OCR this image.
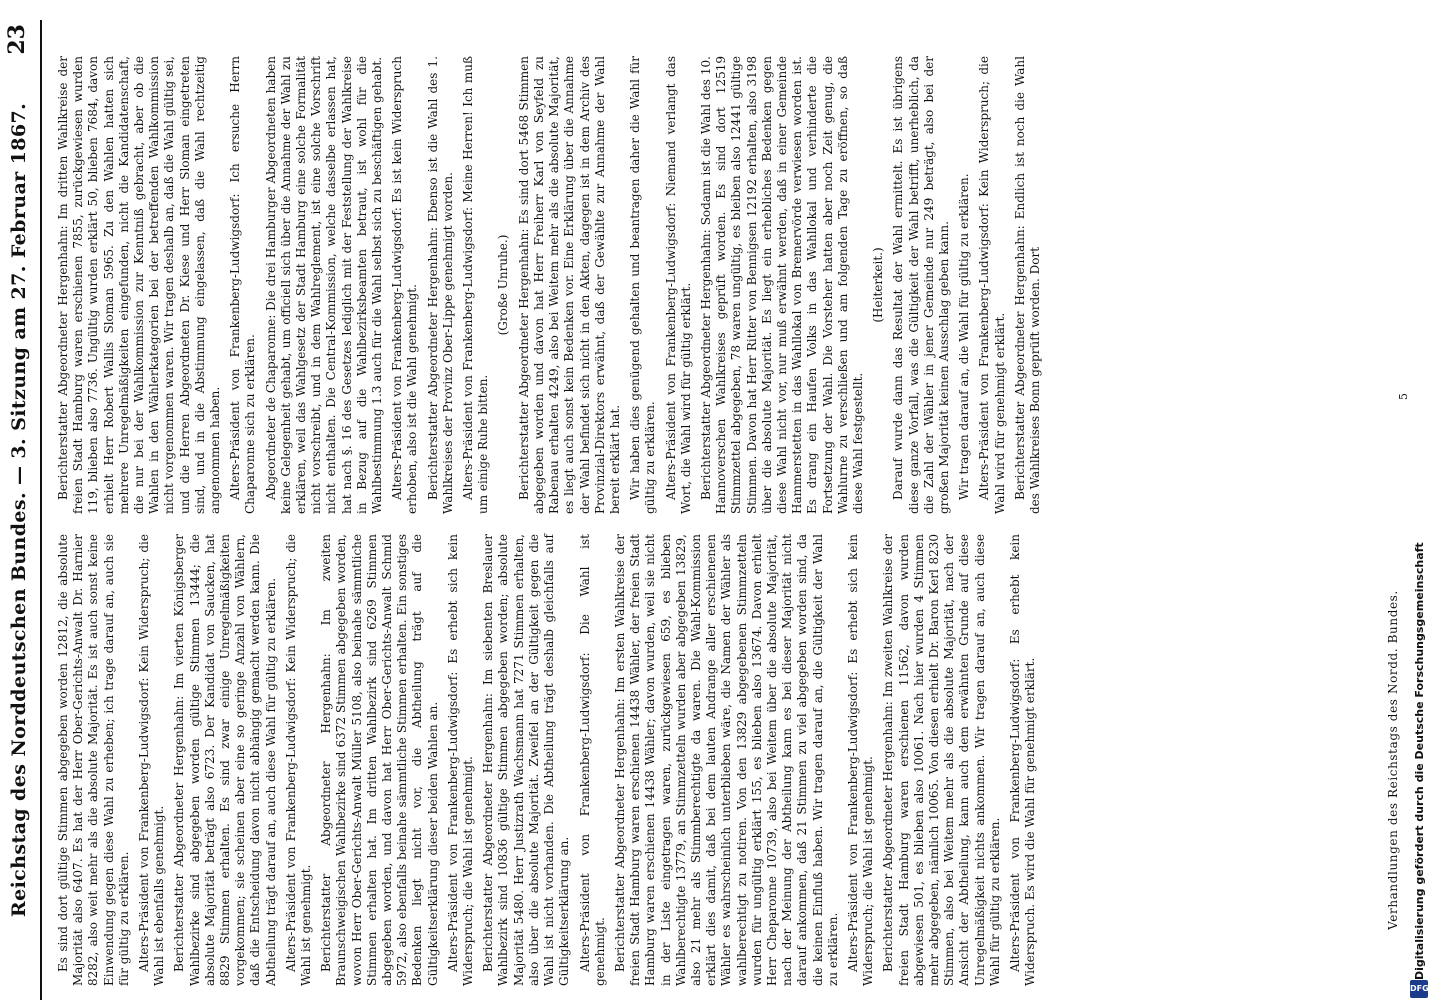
Reichstag des Norddeutschen Bundes. — 3. Sitzung am 27. Februar 1867.
23

Es sind dort gültige Stimmen abgegeben worden 12812, die absolute Majorität also 6407. Es hat der Herr Ober-Gerichts-Anwalt Dr. Harnier 8282, also weit mehr als die absolute Majorität. Es ist auch sonst keine Einwendung gegen diese Wahl zu erheben; ich trage darauf an, auch sie für gültig zu erklären. Alters-Präsident von Frankenberg-Ludwigsdorf: Kein Widerspruch; die Wahl ist ebenfalls genehmigt. Berichterstatter Abgeordneter Hergenhahn: Im vierten Königsberger Wahlbezirke sind abgegeben worden gültige Stimmen 13444; die absolute Majorität beträgt also 6723. Der Kandidat von Saucken, hat 8829 Stimmen erhalten. Es sind zwar einige Unregelmäßigkeiten vorgekommen; sie scheinen aber eine so geringe Anzahl von Wählern, daß die Entscheidung davon nicht abhängig gemacht werden kann. Die Abtheilung trägt darauf an, auch diese Wahl für gültig zu erklären. Alters-Präsident von Frankenberg-Ludwigsdorf: Kein Widerspruch; die Wahl ist genehmigt. Berichterstatter Abgeordneter Hergenhahn: Im zweiten Braunschweigischen Wahlbezirke sind 6372 Stimmen abgegeben worden, wovon Herr Ober-Gerichts-Anwalt Müller 5108, also beinahe sämmtliche Stimmen erhalten hat. Im dritten Wahlbezirk sind 6269 Stimmen abgegeben worden, und davon hat Herr Ober-Gerichts-Anwalt Schmid 5972, also ebenfalls beinahe sämmtliche Stimmen erhalten. Ein sonstiges Bedenken liegt nicht vor, die Abtheilung trägt auf die Gültigkeitserklärung dieser beiden Wahlen an. Alters-Präsident von Frankenberg-Ludwigsdorf: Es erhebt sich kein Widerspruch; die Wahl ist genehmigt. Berichterstatter Abgeordneter Hergenhahn: Im siebenten Breslauer Wahlbezirk sind 10836 gültige Stimmen abgegeben worden; absolute Majorität 5480. Herr Justizrath Wachsmann hat 7271 Stimmen erhalten, also über die absolute Majorität. Zweifel an der Gültigkeit gegen die Wahl ist nicht vorhanden. Die Abtheilung trägt deshalb gleichfalls auf Gültigkeitserklärung an. Alters-Präsident von Frankenberg-Ludwigsdorf: Die Wahl ist genehmigt. Berichterstatter Abgeordneter Hergenhahn: Im ersten Wahlkreise der freien Stadt Hamburg waren erschienen 14438 Wähler, der freien Stadt Hamburg waren erschienen 14438 Wähler; davon wurden, weil sie nicht in der Liste eingetragen waren, zurückgewiesen 659, es blieben Wahlberechtigte 13779, an Stimmzetteln wurden aber abgegeben 13829, also 21 mehr als Stimmberechtigte da waren. Die Wahl-Kommission erklärt dies damit, daß bei dem lauten Andrange aller erschienenen Wähler es wahrscheinlich unterblieben wäre, die Namen der Wähler als wahlberechtigt zu notiren. Von den 13829 abgegebenen Stimmzetteln wurden für ungültig erklärt 155, es blieben also 13674. Davon erhielt Herr Cheparonne 10739, also bei Weitem über die absolute Majorität, nach der Meinung der Abtheilung kann es bei dieser Majorität nicht darauf ankommen, daß 21 Stimmen zu viel abgegeben worden sind, da die keinen Einfluß haben. Wir tragen darauf an, die Gültigkeit der Wahl zu erklären. Alters-Präsident von Frankenberg-Ludwigsdorf: Es erhebt sich kein Widerspruch; die Wahl ist genehmigt. Berichterstatter Abgeordneter Hergenhahn: Im zweiten Wahlkreise der freien Stadt Hamburg waren erschienen 11562, davon wurden abgewiesen 501, es blieben also 10061. Nach hier wurden 4 Stimmen mehr abgegeben, nämlich 10065. Von diesen erhielt Dr. Baron Kerl 8230 Stimmen, also bei Weitem mehr als die absolute Majorität, nach der Ansicht der Abtheilung, kann auch dem erwähnten Grunde auf diese Unregelmäßigkeit nichts ankommen. Wir tragen darauf an, auch diese Wahl für gültig zu erklären. Alters-Präsident von Frankenberg-Ludwigsdorf: Es erhebt kein Widerspruch. Es wird die Wahl für genehmigt erklärt.

Berichterstatter Abgeordneter Hergenhahn: Im dritten Wahlkreise der freien Stadt Hamburg waren erschienen 7855, zurückgewiesen wurden 119, blieben also 7736. Ungültig wurden erklärt 50, blieben 7684, davon erhielt Herr Robert Wallis Sloman 5965. Zu den Wahlen hatten sich mehrere Unregelmäßigkeiten eingefunden, nicht die Kandidatenschaft, die nur bei der Wahlkommission zur Kenntniß gebracht, aber ob die Wahlen in den Wählerkategorien bei der betreffenden Wahlkommission nicht vorgenommen waren. Wir tragen deshalb an, daß die Wahl gültig sei, und die Herren Abgeordneten Dr. Kiese und Herr Sloman eingetreten sind, und in die Abstimmung eingelassen, daß die Wahl rechtzeitig angenommen haben. Alters-Präsident von Frankenberg-Ludwigsdorf: Ich ersuche Herrn Chaparonne sich zu erklären. Abgeordneter de Chaparonne: Die drei Hamburger Abgeordneten haben keine Gelegenheit gehabt, um officiell sich über die Annahme der Wahl zu erklären, weil das Wahlgesetz der Stadt Hamburg eine solche Formalität nicht vorschreibt, und in dem Wahlreglement, ist eine solche Vorschrift nicht enthalten. Die Central-Kommission, welche dasselbe erlassen hat, hat nach §. 16 des Gesetzes lediglich mit der Feststellung der Wahlkreise in Bezug auf die Wahlbezirksbeamten betraut, ist wohl für die Wahlbestimmung 1.3 auch für die Wahl selbst sich zu beschäftigen gehabt. Alters-Präsident von Frankenberg-Ludwigsdorf: Es ist kein Widerspruch erhoben, also ist die Wahl genehmigt. Berichterstatter Abgeordneter Hergenhahn: Ebenso ist die Wahl des 1. Wahlkreises der Provinz Ober-Lippe genehmigt worden. Alters-Präsident von Frankenberg-Ludwigsdorf: Meine Herren! Ich muß um einige Ruhe bitten.

(Große Unruhe.) Berichterstatter Abgeordneter Hergenhahn: Es sind dort 5468 Stimmen abgegeben worden und davon hat Herr Freiherr Karl von Seyfeld zu Rabenau erhalten 4249, also bei Weitem mehr als die absolute Majorität, es liegt auch sonst kein Bedenken vor. Eine Erklärung über die Annahme der Wahl befindet sich nicht in den Akten, dagegen ist in dem Archiv des Provinzial-Direktors erwähnt, daß der Gewählte zur Annahme der Wahl bereit erklärt hat. Wir haben dies genügend gehalten und beantragen daher die Wahl für gültig zu erklären. Alters-Präsident von Frankenberg-Ludwigsdorf: Niemand verlangt das Wort, die Wahl wird für gültig erklärt. Berichterstatter Abgeordneter Hergenhahn: Sodann ist die Wahl des 10. Hannoverschen Wahlkreises geprüft worden. Es sind dort 12519 Stimmzettel abgegeben, 78 waren ungültig, es bleiben also 12441 gültige Stimmen. Davon hat Herr Ritter von Bennigsen 12192 erhalten, also 3198 über die absolute Majorität. Es liegt ein erhebliches Bedenken gegen diese Wahl nicht vor, nur muß erwähnt werden, daß in einer Gemeinde Hammerstetten in das Wahllokal von Bremervörde verwiesen worden ist. Es drang ein Haufen Volks in das Wahllokal und verhinderte die Fortsetzung der Wahl. Die Vorsteher hatten aber noch Zeit genug, die Wahlurne zu verschließen und am folgenden Tage zu eröffnen, so daß diese Wahl festgestellt.

(Heiterkeit.) Darauf wurde dann das Resultat der Wahl ermittelt. Es ist übrigens diese ganze Vorfall, was die Gültigkeit der Wahl betrifft, unerheblich, da die Zahl der Wähler in jener Gemeinde nur 249 beträgt, also bei der großen Majorität keinen Ausschlag geben kann. Wir tragen darauf an, die Wahl für gültig zu erklären. Alters-Präsident von Frankenberg-Ludwigsdorf: Kein Widerspruch; die Wahl wird für genehmigt erklärt. Berichterstatter Abgeordneter Hergenhahn: Endlich ist noch die Wahl des Wahlkreises Bonn geprüft worden. Dort

Verhandlungen des Reichstags des Nordd. Bundes.
5
Digitalisierung gefördert durch die Deutsche Forschungsgemeinschaft
DFG
